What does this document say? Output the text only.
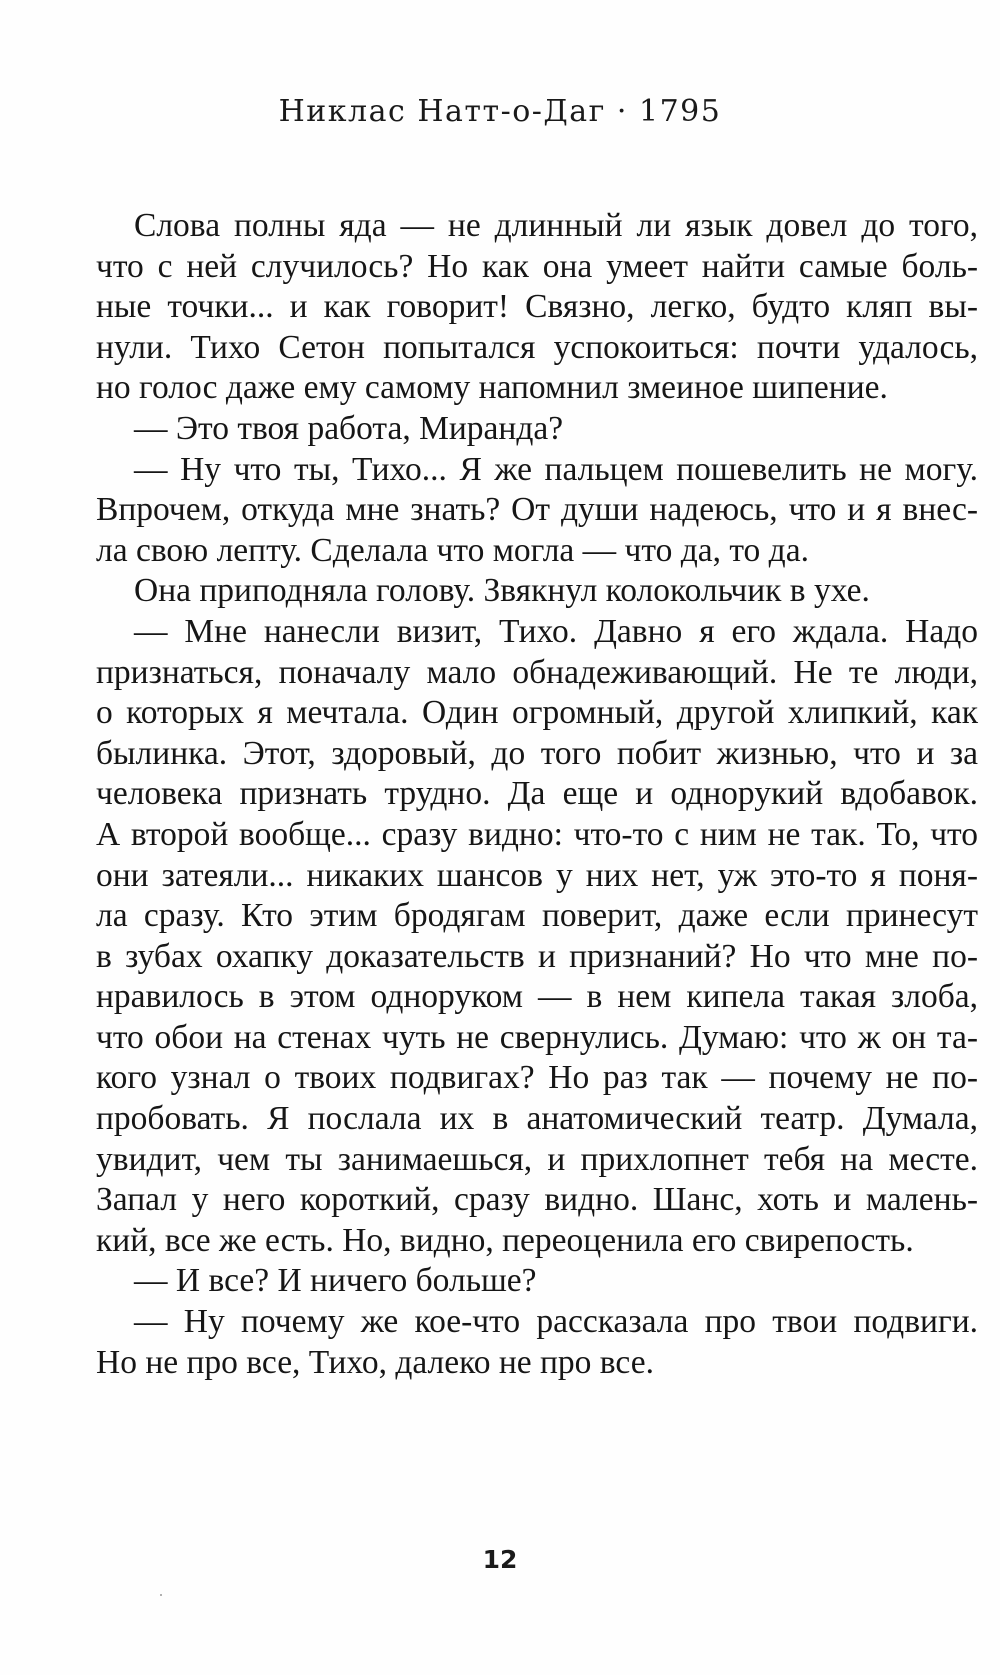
Никлас Натт-о-Даг · 1795
Слова полны яда — не длинный ли язык довел до того,
что с ней случилось? Но как она умеет найти самые боль-
ные точки... и как говорит! Связно, легко, будто кляп вы-
нули. Тихо Сетон попытался успокоиться: почти удалось,
но голос даже ему самому напомнил змеиное шипение.
— Это твоя работа, Миранда?
— Ну что ты, Тихо... Я же пальцем пошевелить не могу.
Впрочем, откуда мне знать? От души надеюсь, что и я внес-
ла свою лепту. Сделала что могла — что да, то да.
Она приподняла голову. Звякнул колокольчик в ухе.
— Мне нанесли визит, Тихо. Давно я его ждала. Надо
признаться, поначалу мало обнадеживающий. Не те люди,
о которых я мечтала. Один огромный, другой хлипкий, как
былинка. Этот, здоровый, до того побит жизнью, что и за
человека признать трудно. Да еще и однорукий вдобавок.
А второй вообще... сразу видно: что-то с ним не так. То, что
они затеяли... никаких шансов у них нет, уж это-то я поня-
ла сразу. Кто этим бродягам поверит, даже если принесут
в зубах охапку доказательств и признаний? Но что мне по-
нравилось в этом одноруком — в нем кипела такая злоба,
что обои на стенах чуть не свернулись. Думаю: что ж он та-
кого узнал о твоих подвигах? Но раз так — почему не по-
пробовать. Я послала их в анатомический театр. Думала,
увидит, чем ты занимаешься, и прихлопнет тебя на месте.
Запал у него короткий, сразу видно. Шанс, хоть и малень-
кий, все же есть. Но, видно, переоценила его свирепость.
— И все? И ничего больше?
— Ну почему же кое-что рассказала про твои подвиги.
Но не про все, Тихо, далеко не про все.
12
